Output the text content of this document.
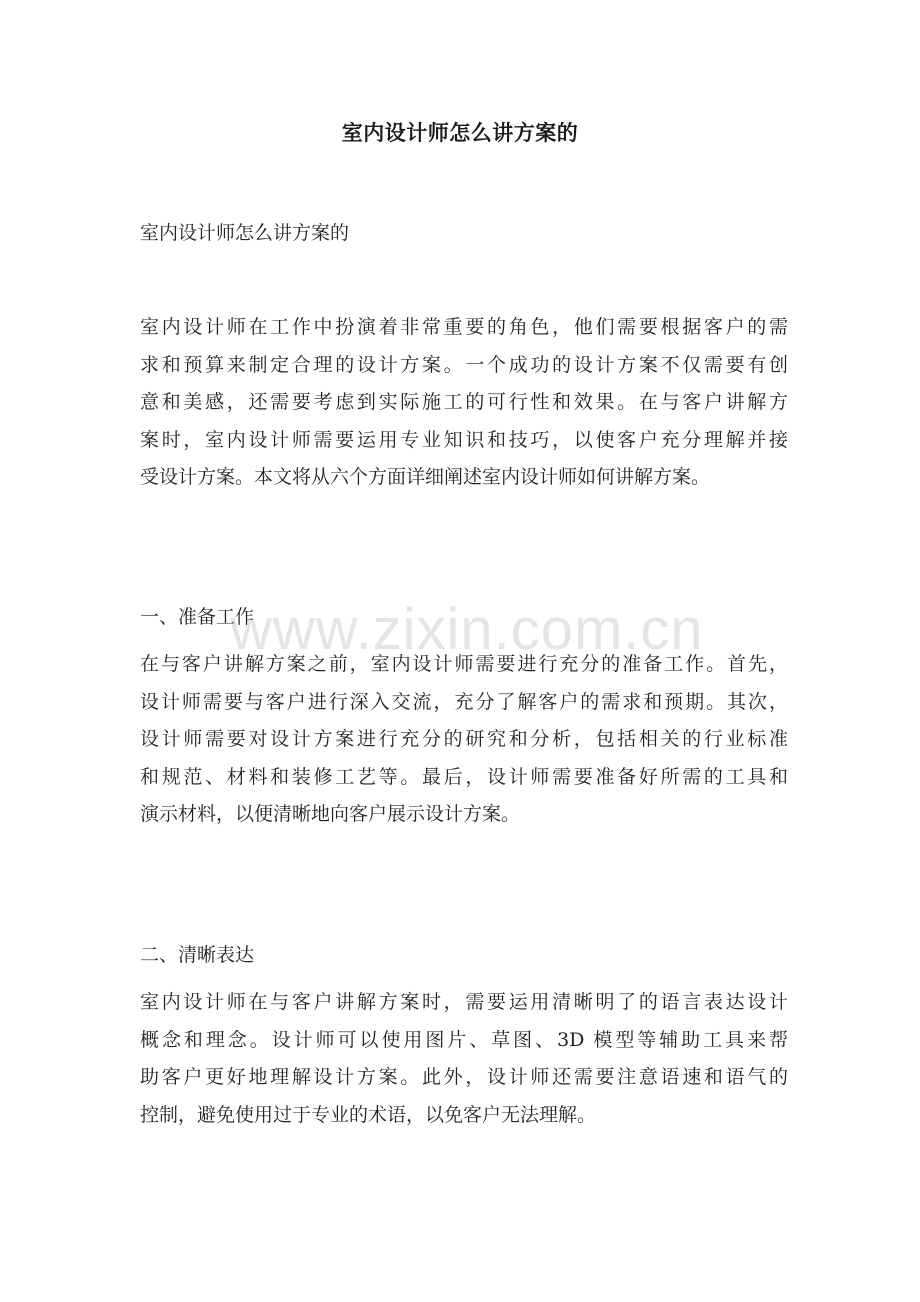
室内设计师怎么讲方案的

室内设计师怎么讲方案的

室内设计师在工作中扮演着非常重要的角色，他们需要根据客户的需
求和预算来制定合理的设计方案。一个成功的设计方案不仅需要有创
意和美感，还需要考虑到实际施工的可行性和效果。在与客户讲解方
案时，室内设计师需要运用专业知识和技巧，以使客户充分理解并接
受设计方案。本文将从六个方面详细阐述室内设计师如何讲解方案。

一、准备工作

在与客户讲解方案之前，室内设计师需要进行充分的准备工作。首先，
设计师需要与客户进行深入交流，充分了解客户的需求和预期。其次，
设计师需要对设计方案进行充分的研究和分析，包括相关的行业标准
和规范、材料和装修工艺等。最后，设计师需要准备好所需的工具和
演示材料，以便清晰地向客户展示设计方案。

二、清晰表达

室内设计师在与客户讲解方案时，需要运用清晰明了的语言表达设计
概念和理念。设计师可以使用图片、草图、3D 模型等辅助工具来帮
助客户更好地理解设计方案。此外，设计师还需要注意语速和语气的
控制，避免使用过于专业的术语，以免客户无法理解。
www.zixin.com.cn
